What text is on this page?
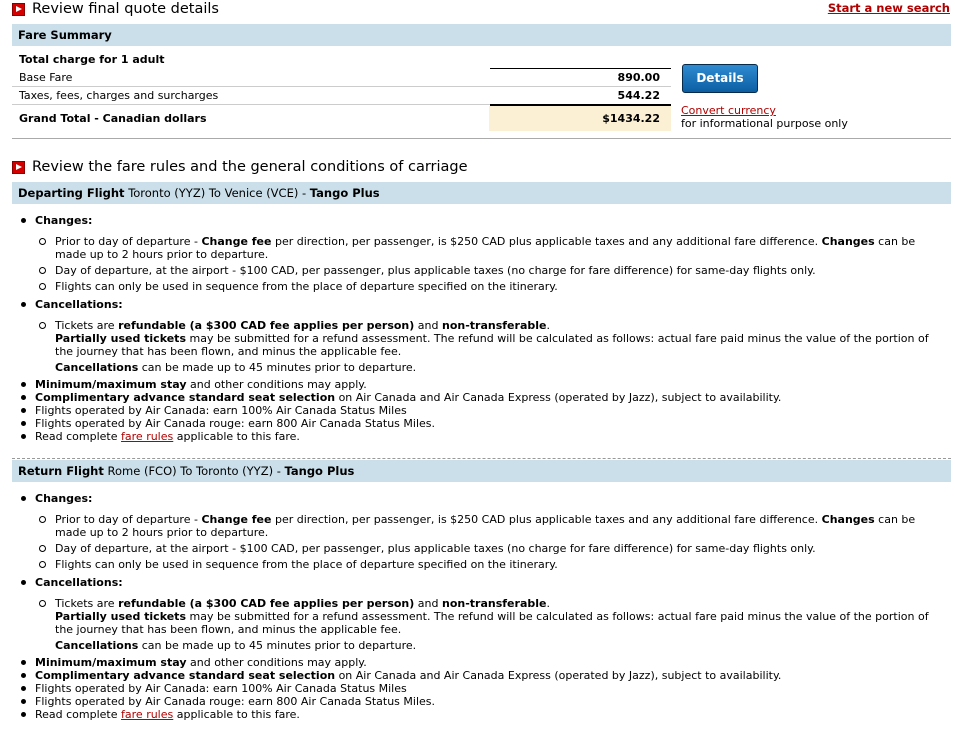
Review final quote details	Start a new search
Fare Summary
Total charge for 1 adult
Base Fare	890.00
Taxes, fees, charges and surcharges	544.22
Grand Total - Canadian dollars	$1434.22
Details
Convert currency
for informational purpose only
Review the fare rules and the general conditions of carriage
Departing Flight Toronto (YYZ) To Venice (VCE) - Tango Plus
Changes:
Prior to day of departure - Change fee per direction, per passenger, is $250 CAD plus applicable taxes and any additional fare difference. Changes can be made up to 2 hours prior to departure.
Day of departure, at the airport - $100 CAD, per passenger, plus applicable taxes (no charge for fare difference) for same-day flights only.
Flights can only be used in sequence from the place of departure specified on the itinerary.
Cancellations:
Tickets are refundable (a $300 CAD fee applies per person) and non-transferable.
Partially used tickets may be submitted for a refund assessment. The refund will be calculated as follows: actual fare paid minus the value of the portion of the journey that has been flown, and minus the applicable fee.
Cancellations can be made up to 45 minutes prior to departure.
Minimum/maximum stay and other conditions may apply.
Complimentary advance standard seat selection on Air Canada and Air Canada Express (operated by Jazz), subject to availability.
Flights operated by Air Canada: earn 100% Air Canada Status Miles
Flights operated by Air Canada rouge: earn 800 Air Canada Status Miles.
Read complete fare rules applicable to this fare.
Return Flight Rome (FCO) To Toronto (YYZ) - Tango Plus
Changes:
Prior to day of departure - Change fee per direction, per passenger, is $250 CAD plus applicable taxes and any additional fare difference. Changes can be made up to 2 hours prior to departure.
Day of departure, at the airport - $100 CAD, per passenger, plus applicable taxes (no charge for fare difference) for same-day flights only.
Flights can only be used in sequence from the place of departure specified on the itinerary.
Cancellations:
Tickets are refundable (a $300 CAD fee applies per person) and non-transferable.
Partially used tickets may be submitted for a refund assessment. The refund will be calculated as follows: actual fare paid minus the value of the portion of the journey that has been flown, and minus the applicable fee.
Cancellations can be made up to 45 minutes prior to departure.
Minimum/maximum stay and other conditions may apply.
Complimentary advance standard seat selection on Air Canada and Air Canada Express (operated by Jazz), subject to availability.
Flights operated by Air Canada: earn 100% Air Canada Status Miles
Flights operated by Air Canada rouge: earn 800 Air Canada Status Miles.
Read complete fare rules applicable to this fare.
